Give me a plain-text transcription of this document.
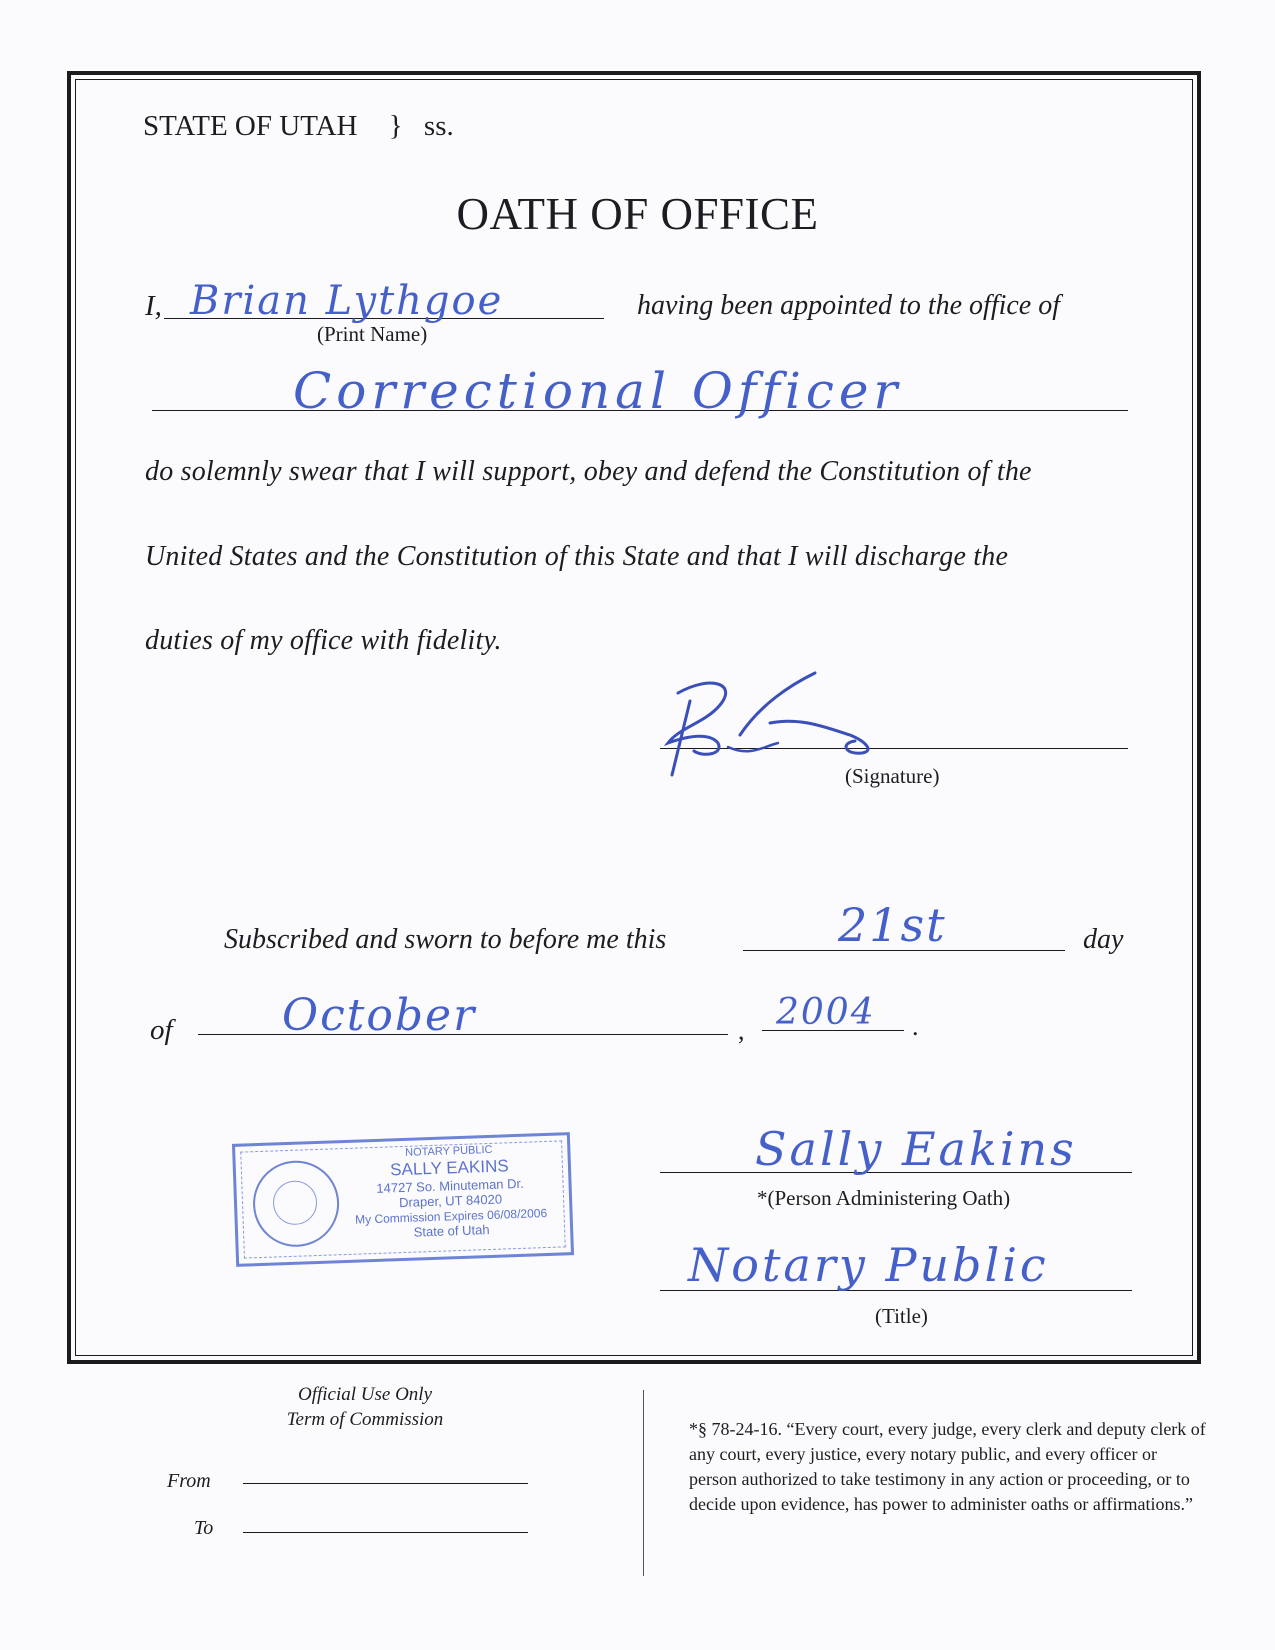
STATE OF UTAH } ss.
OATH OF OFFICE
I, Brian Lythgoe
(Print Name)
having been appointed to the office of
Correctional Officer
do solemnly swear that I will support, obey and defend the Constitution of the
United States and the Constitution of this State and that I will discharge the
duties of my office with fidelity.
(Signature)
Subscribed and sworn to before me this	21st	day
of October	, 2004 .
NOTARY PUBLIC
SALLY EAKINS
14727 So. Minuteman Dr.
Draper, UT 84020
My Commission Expires 06/08/2006
State of Utah
Sally Eakins
*(Person Administering Oath)
Notary Public
(Title)
Official Use Only
Term of Commission
From
To
*§ 78-24-16. “Every court, every judge, every clerk and deputy clerk of any court, every justice, every notary public, and every officer or person authorized to take testimony in any action or proceeding, or to decide upon evidence, has power to administer oaths or affirmations.”
